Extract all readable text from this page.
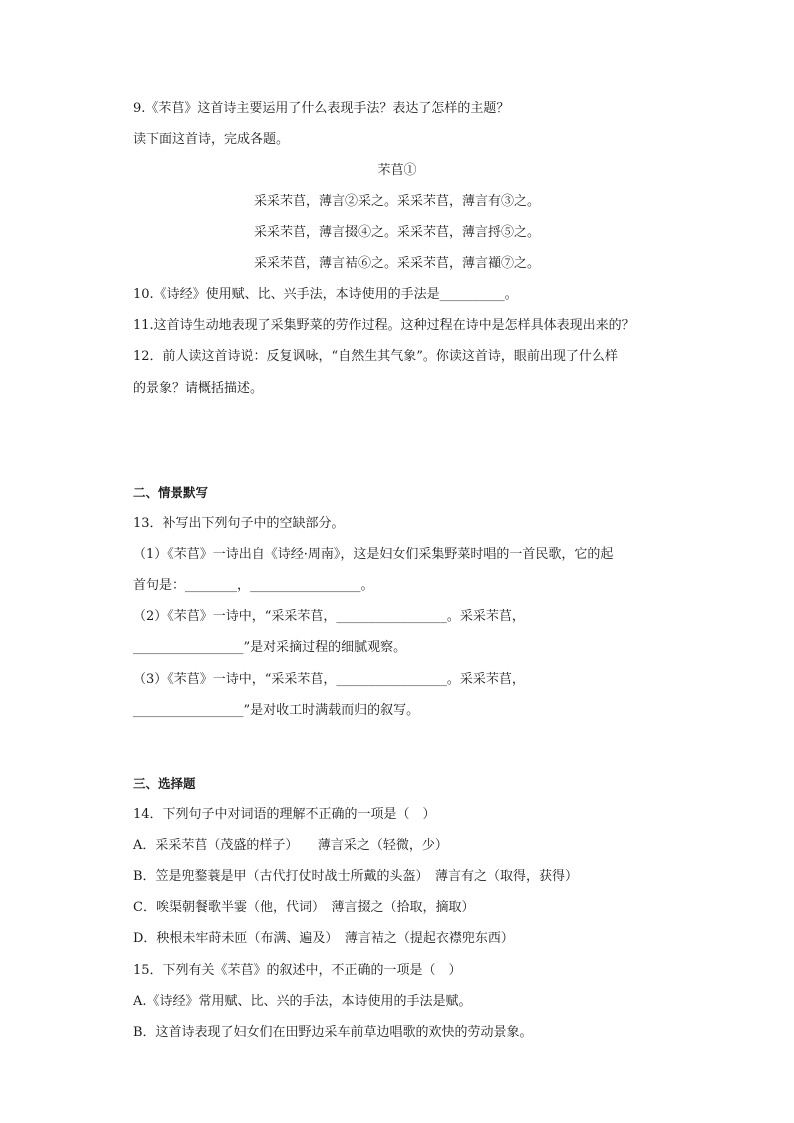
9.《芣苢》这首诗主要运用了什么表现手法？表达了怎样的主题？
读下面这首诗，完成各题。
芣苢①
采采芣苢，薄言②采之。采采芣苢，薄言有③之。
采采芣苢，薄言掇④之。采采芣苢，薄言捋⑤之。
采采芣苢，薄言袺⑥之。采采芣苢，薄言襭⑦之。
10.《诗经》使用赋、比、兴手法，本诗使用的手法是__________。
11.这首诗生动地表现了采集野菜的劳作过程。这种过程在诗中是怎样具体表现出来的？
12．前人读这首诗说：反复讽咏，“自然生其气象”。你读这首诗，眼前出现了什么样
的景象？请概括描述。
二、情景默写
13．补写出下列句子中的空缺部分。
（1）《芣苢》一诗出自《诗经·周南》，这是妇女们采集野菜时唱的一首民歌，它的起
首句是：________，_________________。
（2）《芣苢》一诗中，“采采芣苢，_________________。采采芣苢，
_________________”是对采摘过程的细腻观察。
（3）《芣苢》一诗中，“采采芣苢，_________________。采采芣苢，
_________________”是对收工时满载而归的叙写。
三、选择题
14．下列句子中对词语的理解不正确的一项是（　）
A．采采芣苢（茂盛的样子）　　薄言采之（轻微，少）
B．笠是兜鍪蓑是甲（古代打仗时战士所戴的头盔）　薄言有之（取得，获得）
C．唉渠朝餐歌半霎（他，代词）　薄言掇之（拾取，摘取）
D．秧根未牢莳未匝（布满、遍及）　薄言袺之（提起衣襟兜东西）
15．下列有关《芣苢》的叙述中，不正确的一项是（　）
A.《诗经》常用赋、比、兴的手法，本诗使用的手法是赋。
B．这首诗表现了妇女们在田野边采车前草边唱歌的欢快的劳动景象。
